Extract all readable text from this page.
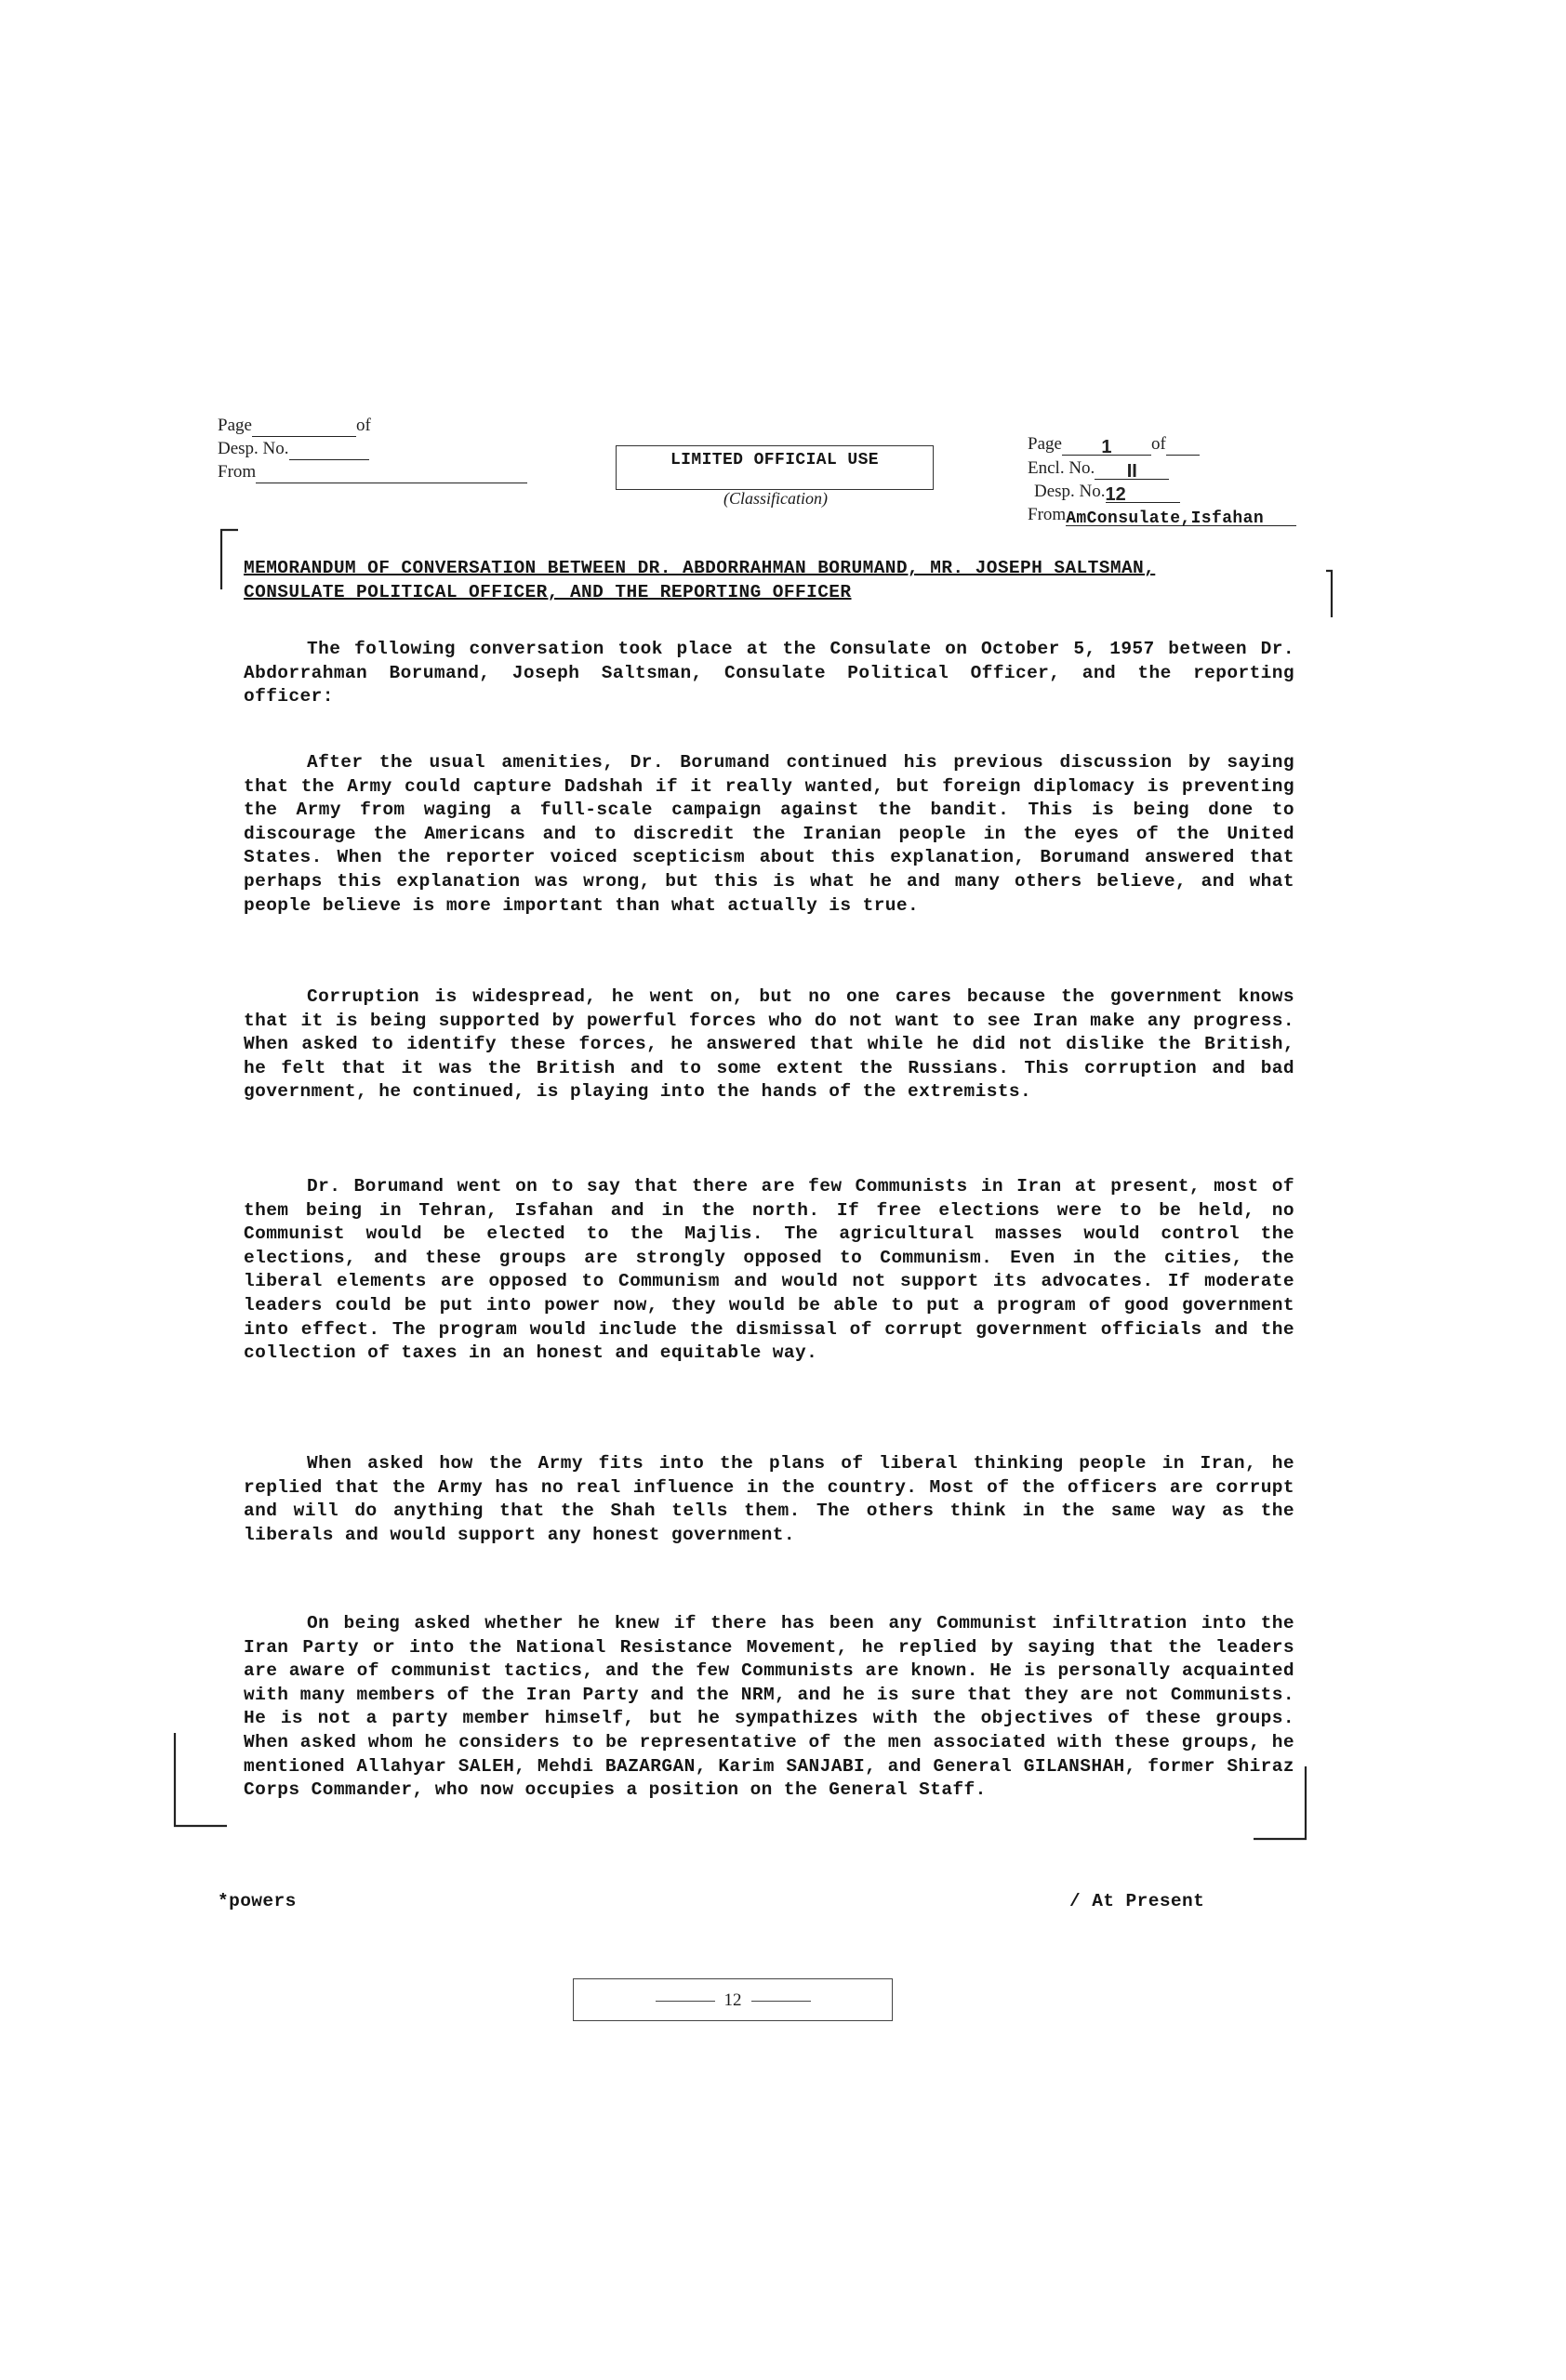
Page	of
Desp. No.
From
LIMITED OFFICIAL USE
(Classification)
Page 1 of
Encl. No. II
Desp. No.12
FromAmConsulate,Isfahan
MEMORANDUM OF CONVERSATION BETWEEN DR. ABDORRAHMAN BORUMAND, MR. JOSEPH SALTSMAN,
CONSULATE POLITICAL OFFICER, AND THE REPORTING OFFICER
The following conversation took place at the Consulate on October 5, 1957 between Dr. Abdorrahman Borumand, Joseph Saltsman, Consulate Political Officer, and the reporting officer:
After the usual amenities, Dr. Borumand continued his previous discussion by saying that the Army could capture Dadshah if it really wanted, but foreign diplomacy is preventing the Army from waging a full-scale campaign against the bandit. This is being done to discourage the Americans and to discredit the Iranian people in the eyes of the United States. When the reporter voiced scepticism about this explanation, Borumand answered that perhaps this explanation was wrong, but this is what he and many others believe, and what people believe is more important than what actually is true.
Corruption is widespread, he went on, but no one cares because the government knows that it is being supported by powerful forces who do not want to see Iran make any progress. When asked to identify these forces, he answered that while he did not dislike the British, he felt that it was the British and to some extent the Russians. This corruption and bad government, he continued, is playing into the hands of the extremists.
Dr. Borumand went on to say that there are few Communists in Iran at present, most of them being in Tehran, Isfahan and in the north. If free elections were to be held, no Communist would be elected to the Majlis. The agricultural masses would control the elections, and these groups are strongly opposed to Communism. Even in the cities, the liberal elements are opposed to Communism and would not support its advocates. If moderate leaders could be put into power now, they would be able to put a program of good government into effect. The program would include the dismissal of corrupt government officials and the collection of taxes in an honest and equitable way.
When asked how the Army fits into the plans of liberal thinking people in Iran, he replied that the Army has no real influence in the country. Most of the officers are corrupt and will do anything that the Shah tells them. The others think in the same way as the liberals and would support any honest government.
On being asked whether he knew if there has been any Communist infiltration into the Iran Party or into the National Resistance Movement, he replied by saying that the leaders are aware of communist tactics, and the few Communists are known. He is personally acquainted with many members of the Iran Party and the NRM, and he is sure that they are not Communists. He is not a party member himself, but he sympathizes with the objectives of these groups. When asked whom he considers to be representative of the men associated with these groups, he mentioned Allahyar SALEH, Mehdi BAZARGAN, Karim SANJABI, and General GILANSHAH, former Shiraz Corps Commander, who now occupies a position on the General Staff.
*powers	/ At Present
12
